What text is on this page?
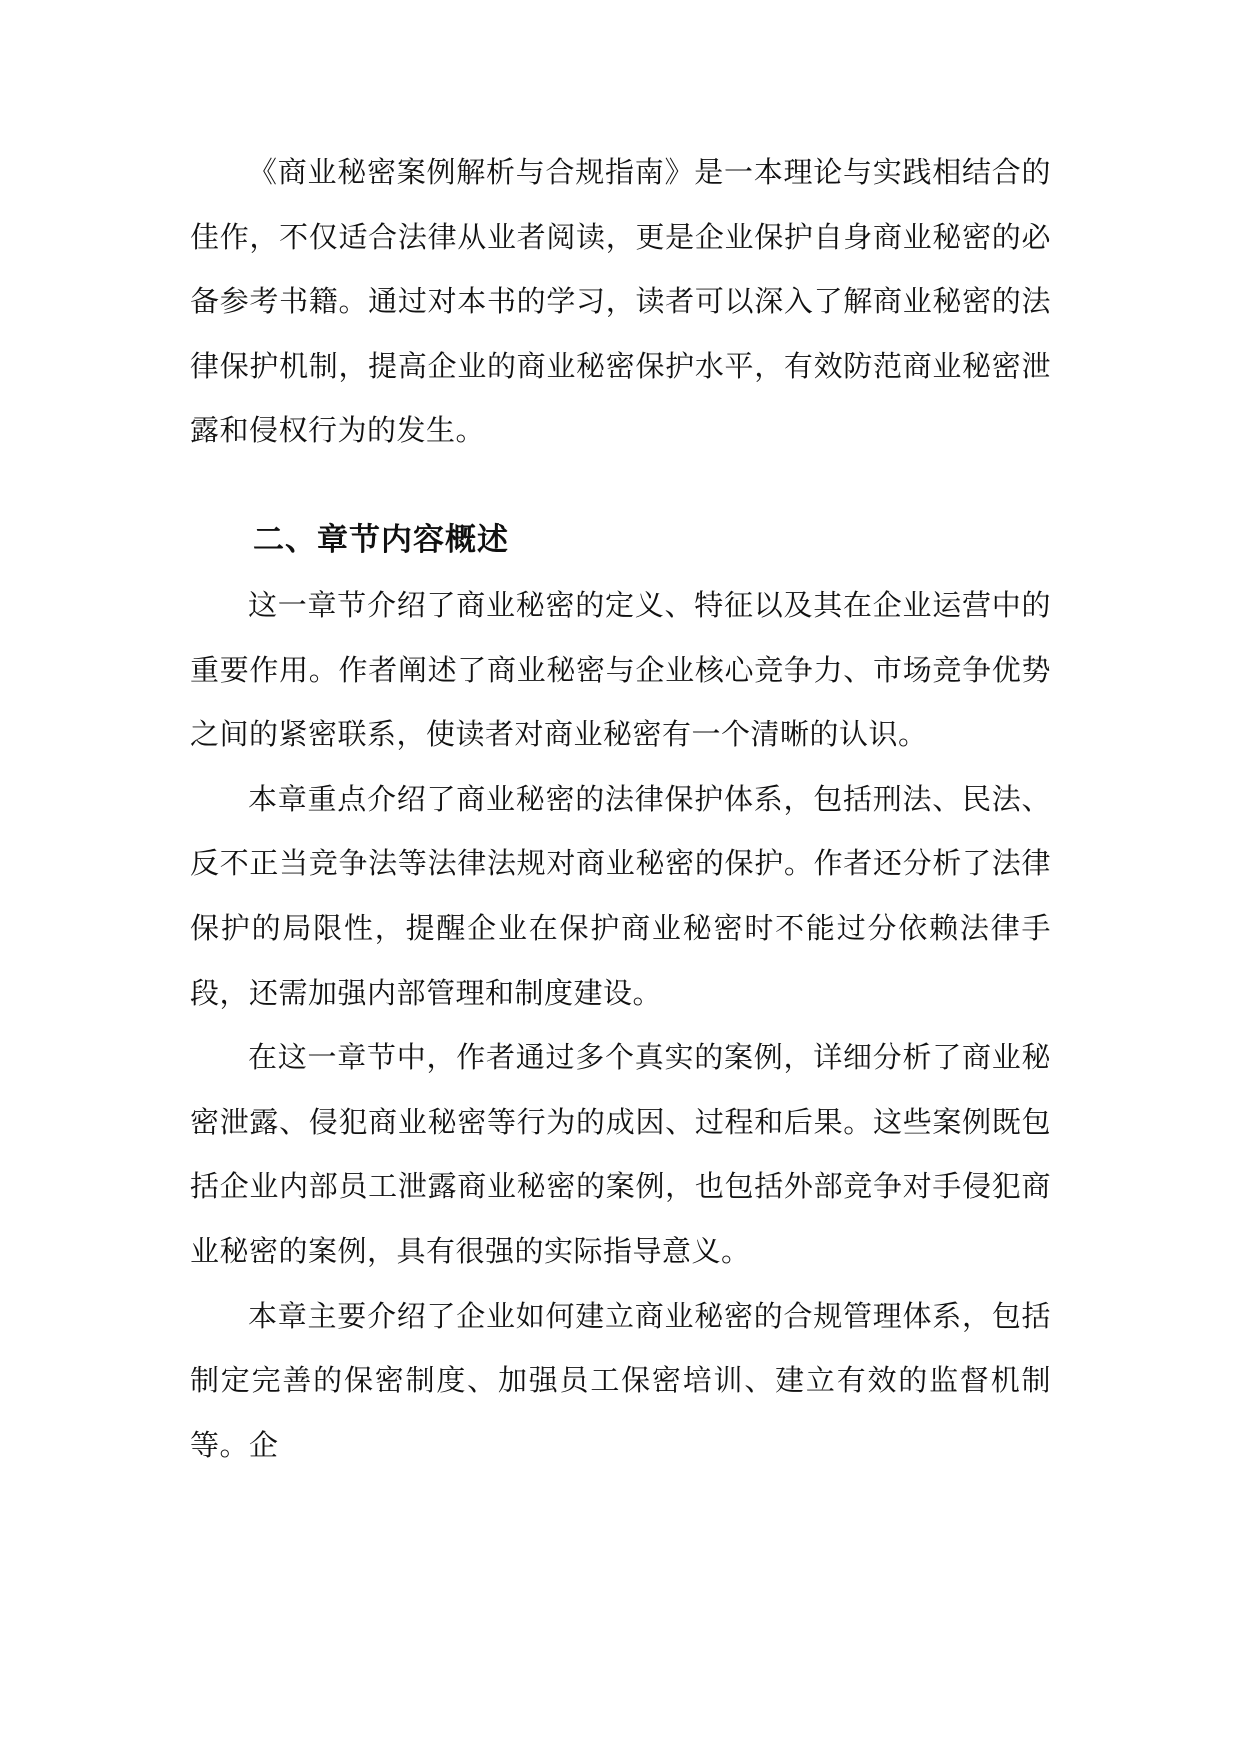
《商业秘密案例解析与合规指南》是一本理论与实践相结合的佳作，不仅适合法律从业者阅读，更是企业保护自身商业秘密的必备参考书籍。通过对本书的学习，读者可以深入了解商业秘密的法律保护机制，提高企业的商业秘密保护水平，有效防范商业秘密泄露和侵权行为的发生。

二、章节内容概述

这一章节介绍了商业秘密的定义、特征以及其在企业运营中的重要作用。作者阐述了商业秘密与企业核心竞争力、市场竞争优势之间的紧密联系，使读者对商业秘密有一个清晰的认识。

本章重点介绍了商业秘密的法律保护体系，包括刑法、民法、反不正当竞争法等法律法规对商业秘密的保护。作者还分析了法律保护的局限性，提醒企业在保护商业秘密时不能过分依赖法律手段，还需加强内部管理和制度建设。

在这一章节中，作者通过多个真实的案例，详细分析了商业秘密泄露、侵犯商业秘密等行为的成因、过程和后果。这些案例既包括企业内部员工泄露商业秘密的案例，也包括外部竞争对手侵犯商业秘密的案例，具有很强的实际指导意义。

本章主要介绍了企业如何建立商业秘密的合规管理体系，包括制定完善的保密制度、加强员工保密培训、建立有效的监督机制等。企
